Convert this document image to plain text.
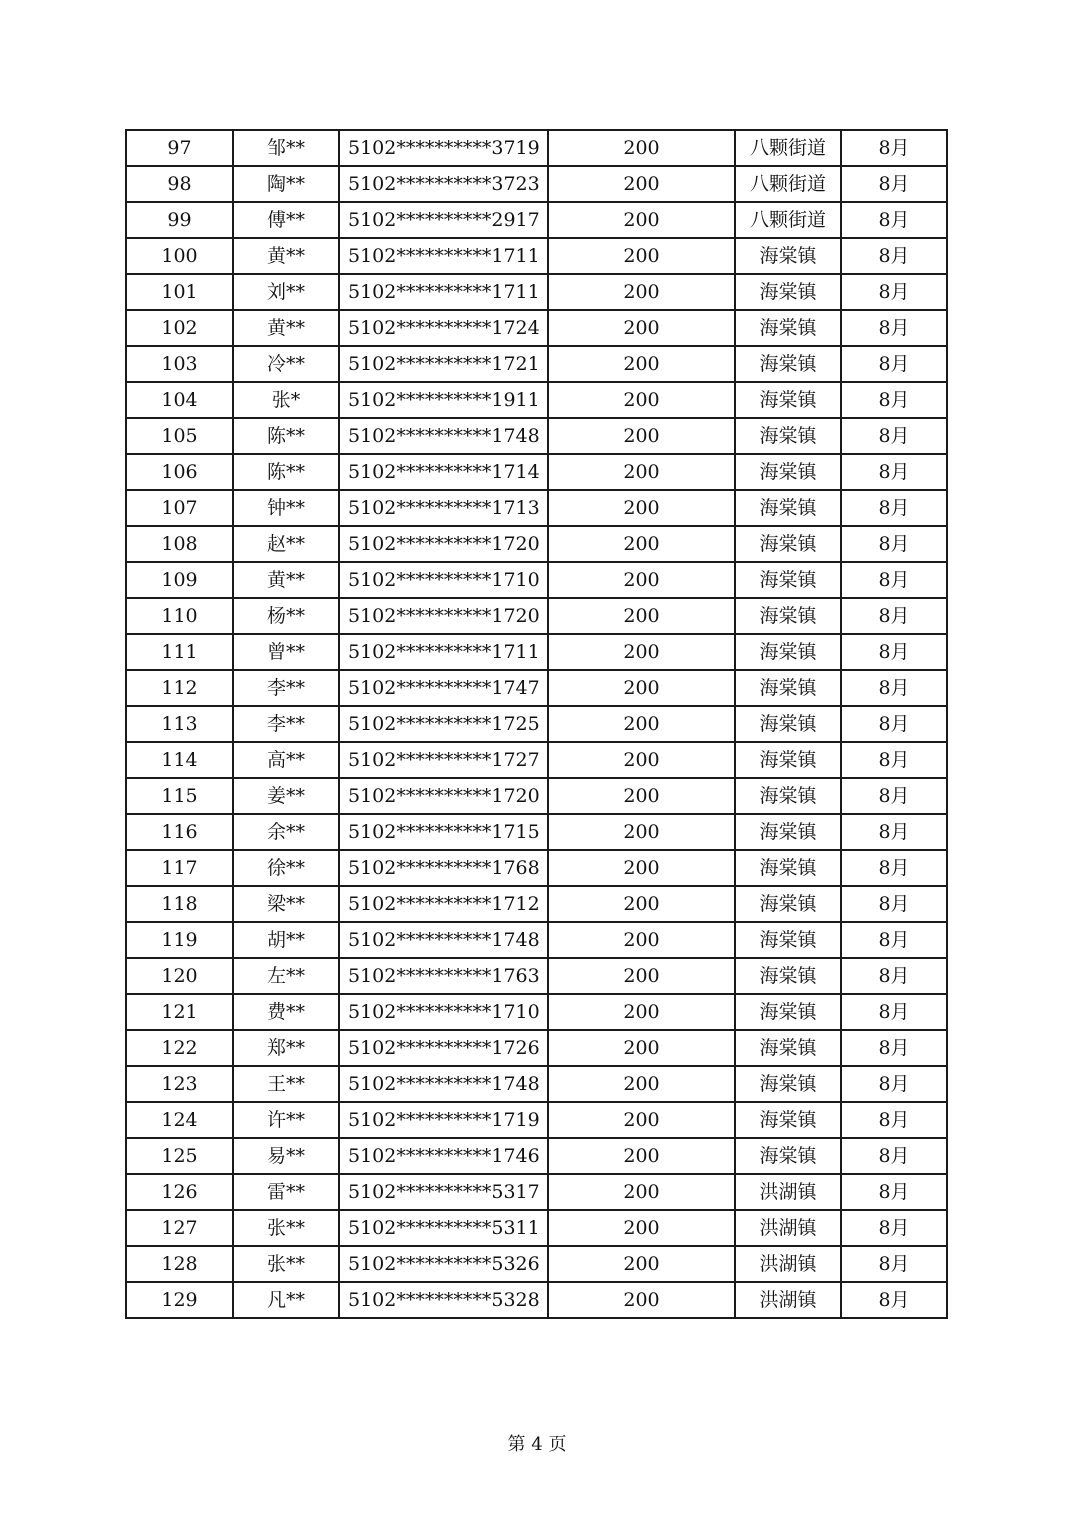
97	邹**	5102**********3719	200	八颗街道	8月
98	陶**	5102**********3723	200	八颗街道	8月
99	傅**	5102**********2917	200	八颗街道	8月
100	黄**	5102**********1711	200	海棠镇	8月
101	刘**	5102**********1711	200	海棠镇	8月
102	黄**	5102**********1724	200	海棠镇	8月
103	冷**	5102**********1721	200	海棠镇	8月
104	张*	5102**********1911	200	海棠镇	8月
105	陈**	5102**********1748	200	海棠镇	8月
106	陈**	5102**********1714	200	海棠镇	8月
107	钟**	5102**********1713	200	海棠镇	8月
108	赵**	5102**********1720	200	海棠镇	8月
109	黄**	5102**********1710	200	海棠镇	8月
110	杨**	5102**********1720	200	海棠镇	8月
111	曾**	5102**********1711	200	海棠镇	8月
112	李**	5102**********1747	200	海棠镇	8月
113	李**	5102**********1725	200	海棠镇	8月
114	高**	5102**********1727	200	海棠镇	8月
115	姜**	5102**********1720	200	海棠镇	8月
116	余**	5102**********1715	200	海棠镇	8月
117	徐**	5102**********1768	200	海棠镇	8月
118	梁**	5102**********1712	200	海棠镇	8月
119	胡**	5102**********1748	200	海棠镇	8月
120	左**	5102**********1763	200	海棠镇	8月
121	费**	5102**********1710	200	海棠镇	8月
122	郑**	5102**********1726	200	海棠镇	8月
123	王**	5102**********1748	200	海棠镇	8月
124	许**	5102**********1719	200	海棠镇	8月
125	易**	5102**********1746	200	海棠镇	8月
126	雷**	5102**********5317	200	洪湖镇	8月
127	张**	5102**********5311	200	洪湖镇	8月
128	张**	5102**********5326	200	洪湖镇	8月
129	凡**	5102**********5328	200	洪湖镇	8月
第 4 页
